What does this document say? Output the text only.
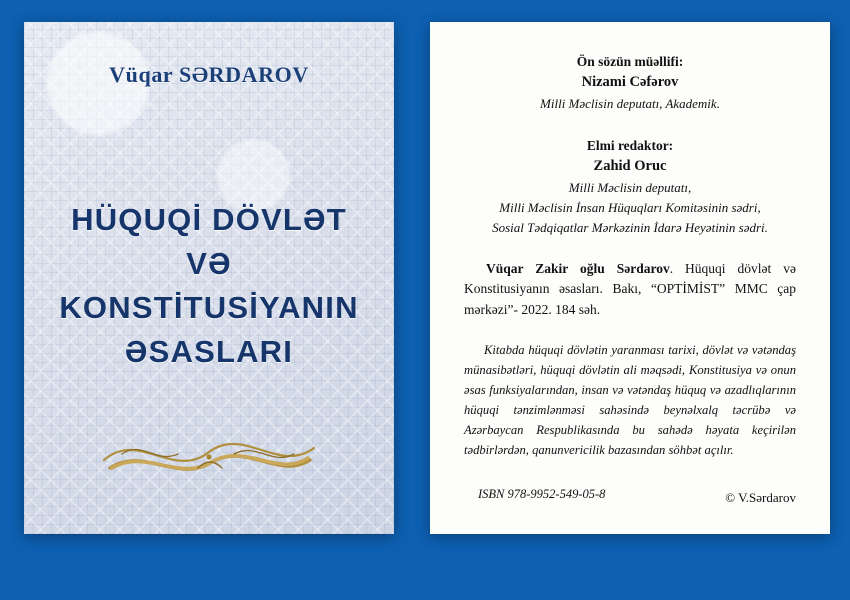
Vüqar SƏRDAROV
HÜQUQİ DÖVLƏT VƏ
KONSTİTUSİYANIN
ƏSASLARI
Ön sözün müəllifi:
Nizami Cəfərov
Milli Məclisin deputatı, Akademik.
Elmi redaktor:
Zahid Oruc
Milli Məclisin deputatı,
Milli Məclisin İnsan Hüquqları Komitəsinin sədri,
Sosial Tədqiqatlar Mərkəzinin İdarə Heyətinin sədri.
Vüqar Zakir oğlu Sərdarov. Hüquqi dövlət və Konstitusiyanın əsasları. Bakı, “OPTİMİST” MMC çap mərkəzi”- 2022. 184 səh.
Kitabda hüquqi dövlətin yaranması tarixi, dövlət və vətəndaş münasibətləri, hüquqi dövlətin ali məqsədi, Konstitusiya və onun əsas funksiyalarından, insan və vətəndaş hüquq və azadlıqlarının hüquqi tənzimlənməsi sahəsində beynəlxalq təcrübə və Azərbaycan Respublikasında bu sahədə həyata keçirilən tədbirlərdən, qanunvericilik bazasından söhbət açılır.
ISBN 978-9952-549-05-8	© V.Sərdarov
